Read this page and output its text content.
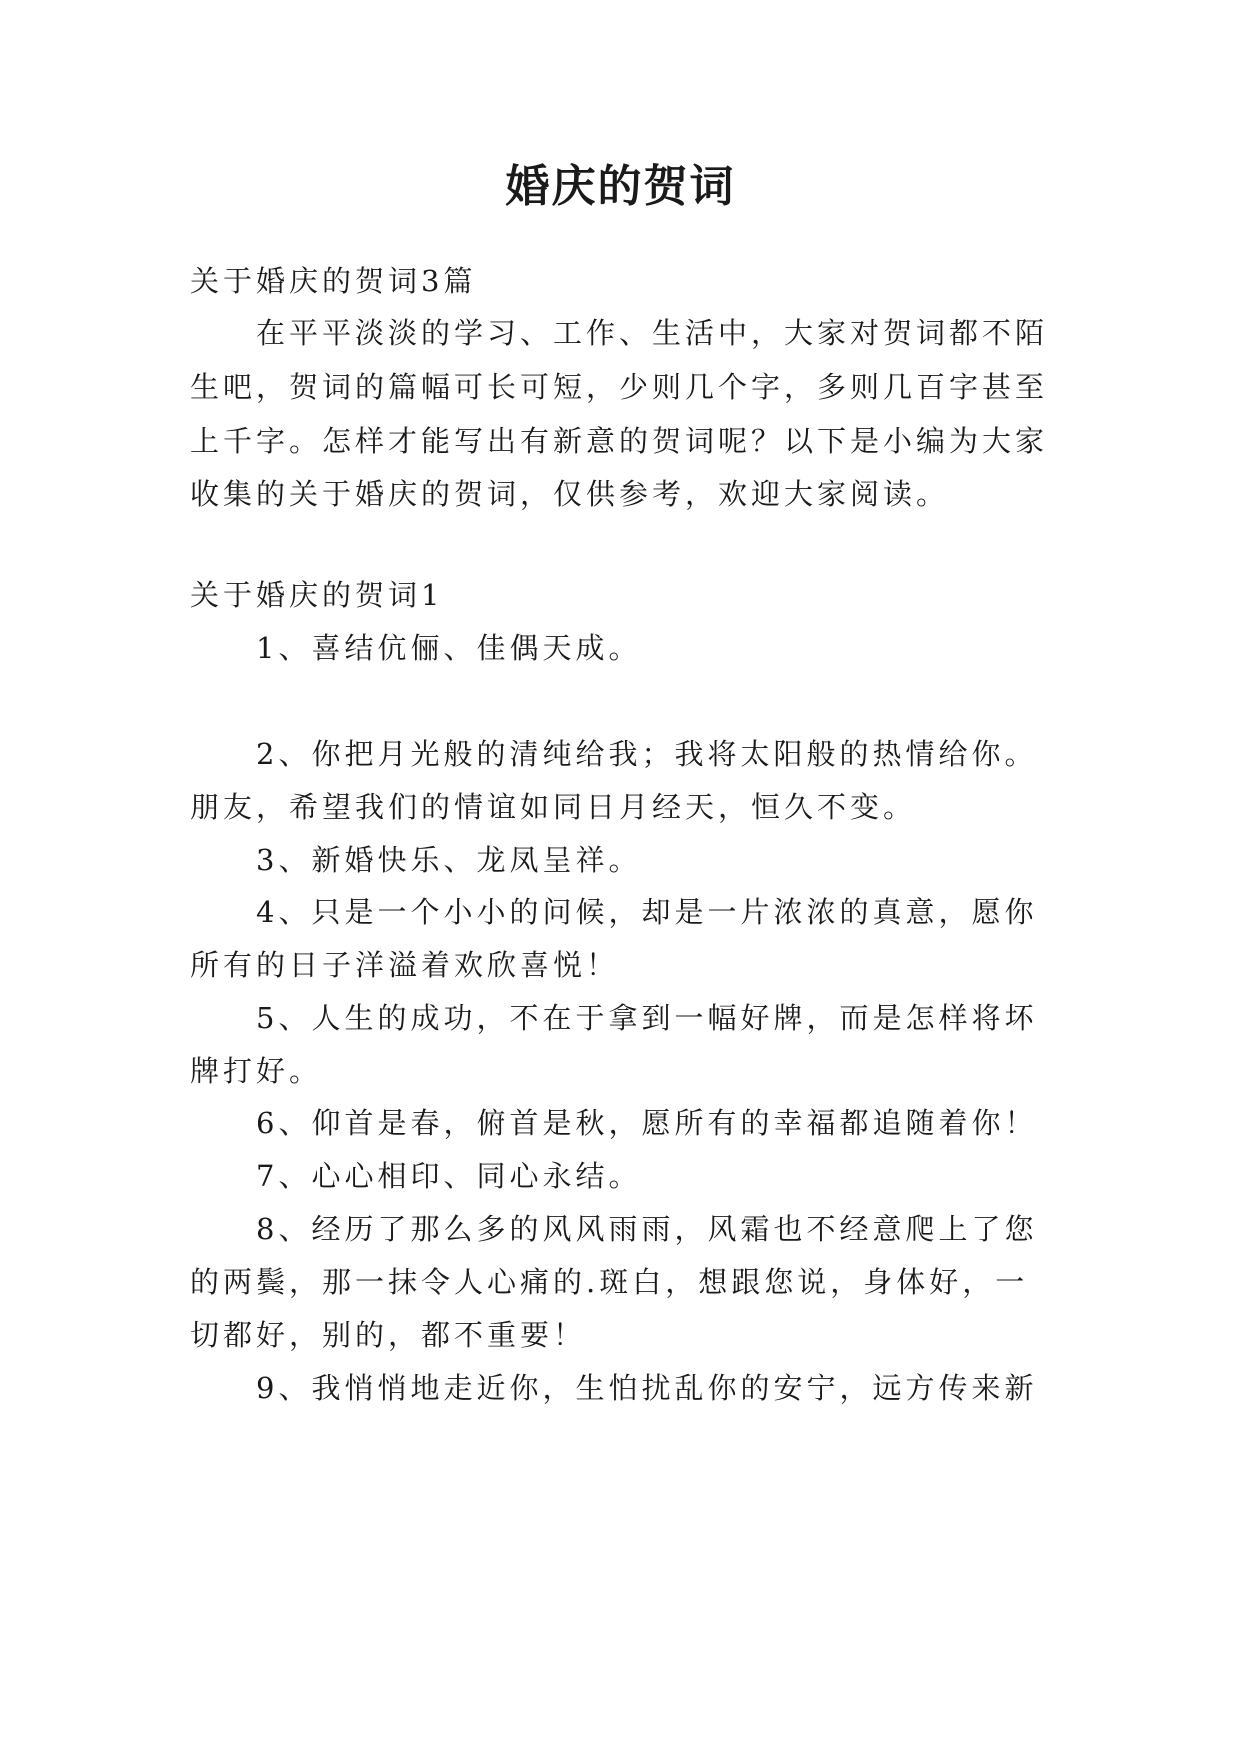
婚庆的贺词

关于婚庆的贺词3篇

在平平淡淡的学习、工作、生活中，大家对贺词都不陌

生吧，贺词的篇幅可长可短，少则几个字，多则几百字甚至

上千字。怎样才能写出有新意的贺词呢？以下是小编为大家

收集的关于婚庆的贺词，仅供参考，欢迎大家阅读。

关于婚庆的贺词1

1、喜结伉俪、佳偶天成。

2、你把月光般的清纯给我；我将太阳般的热情给你。

朋友，希望我们的情谊如同日月经天，恒久不变。

3、新婚快乐、龙凤呈祥。

4、只是一个小小的问候，却是一片浓浓的真意，愿你

所有的日子洋溢着欢欣喜悦！

5、人生的成功，不在于拿到一幅好牌，而是怎样将坏

牌打好。

6、仰首是春，俯首是秋，愿所有的幸福都追随着你！

7、心心相印、同心永结。

8、经历了那么多的风风雨雨，风霜也不经意爬上了您

的两鬓，那一抹令人心痛的.斑白，想跟您说，身体好，一

切都好，别的，都不重要！

9、我悄悄地走近你，生怕扰乱你的安宁，远方传来新
